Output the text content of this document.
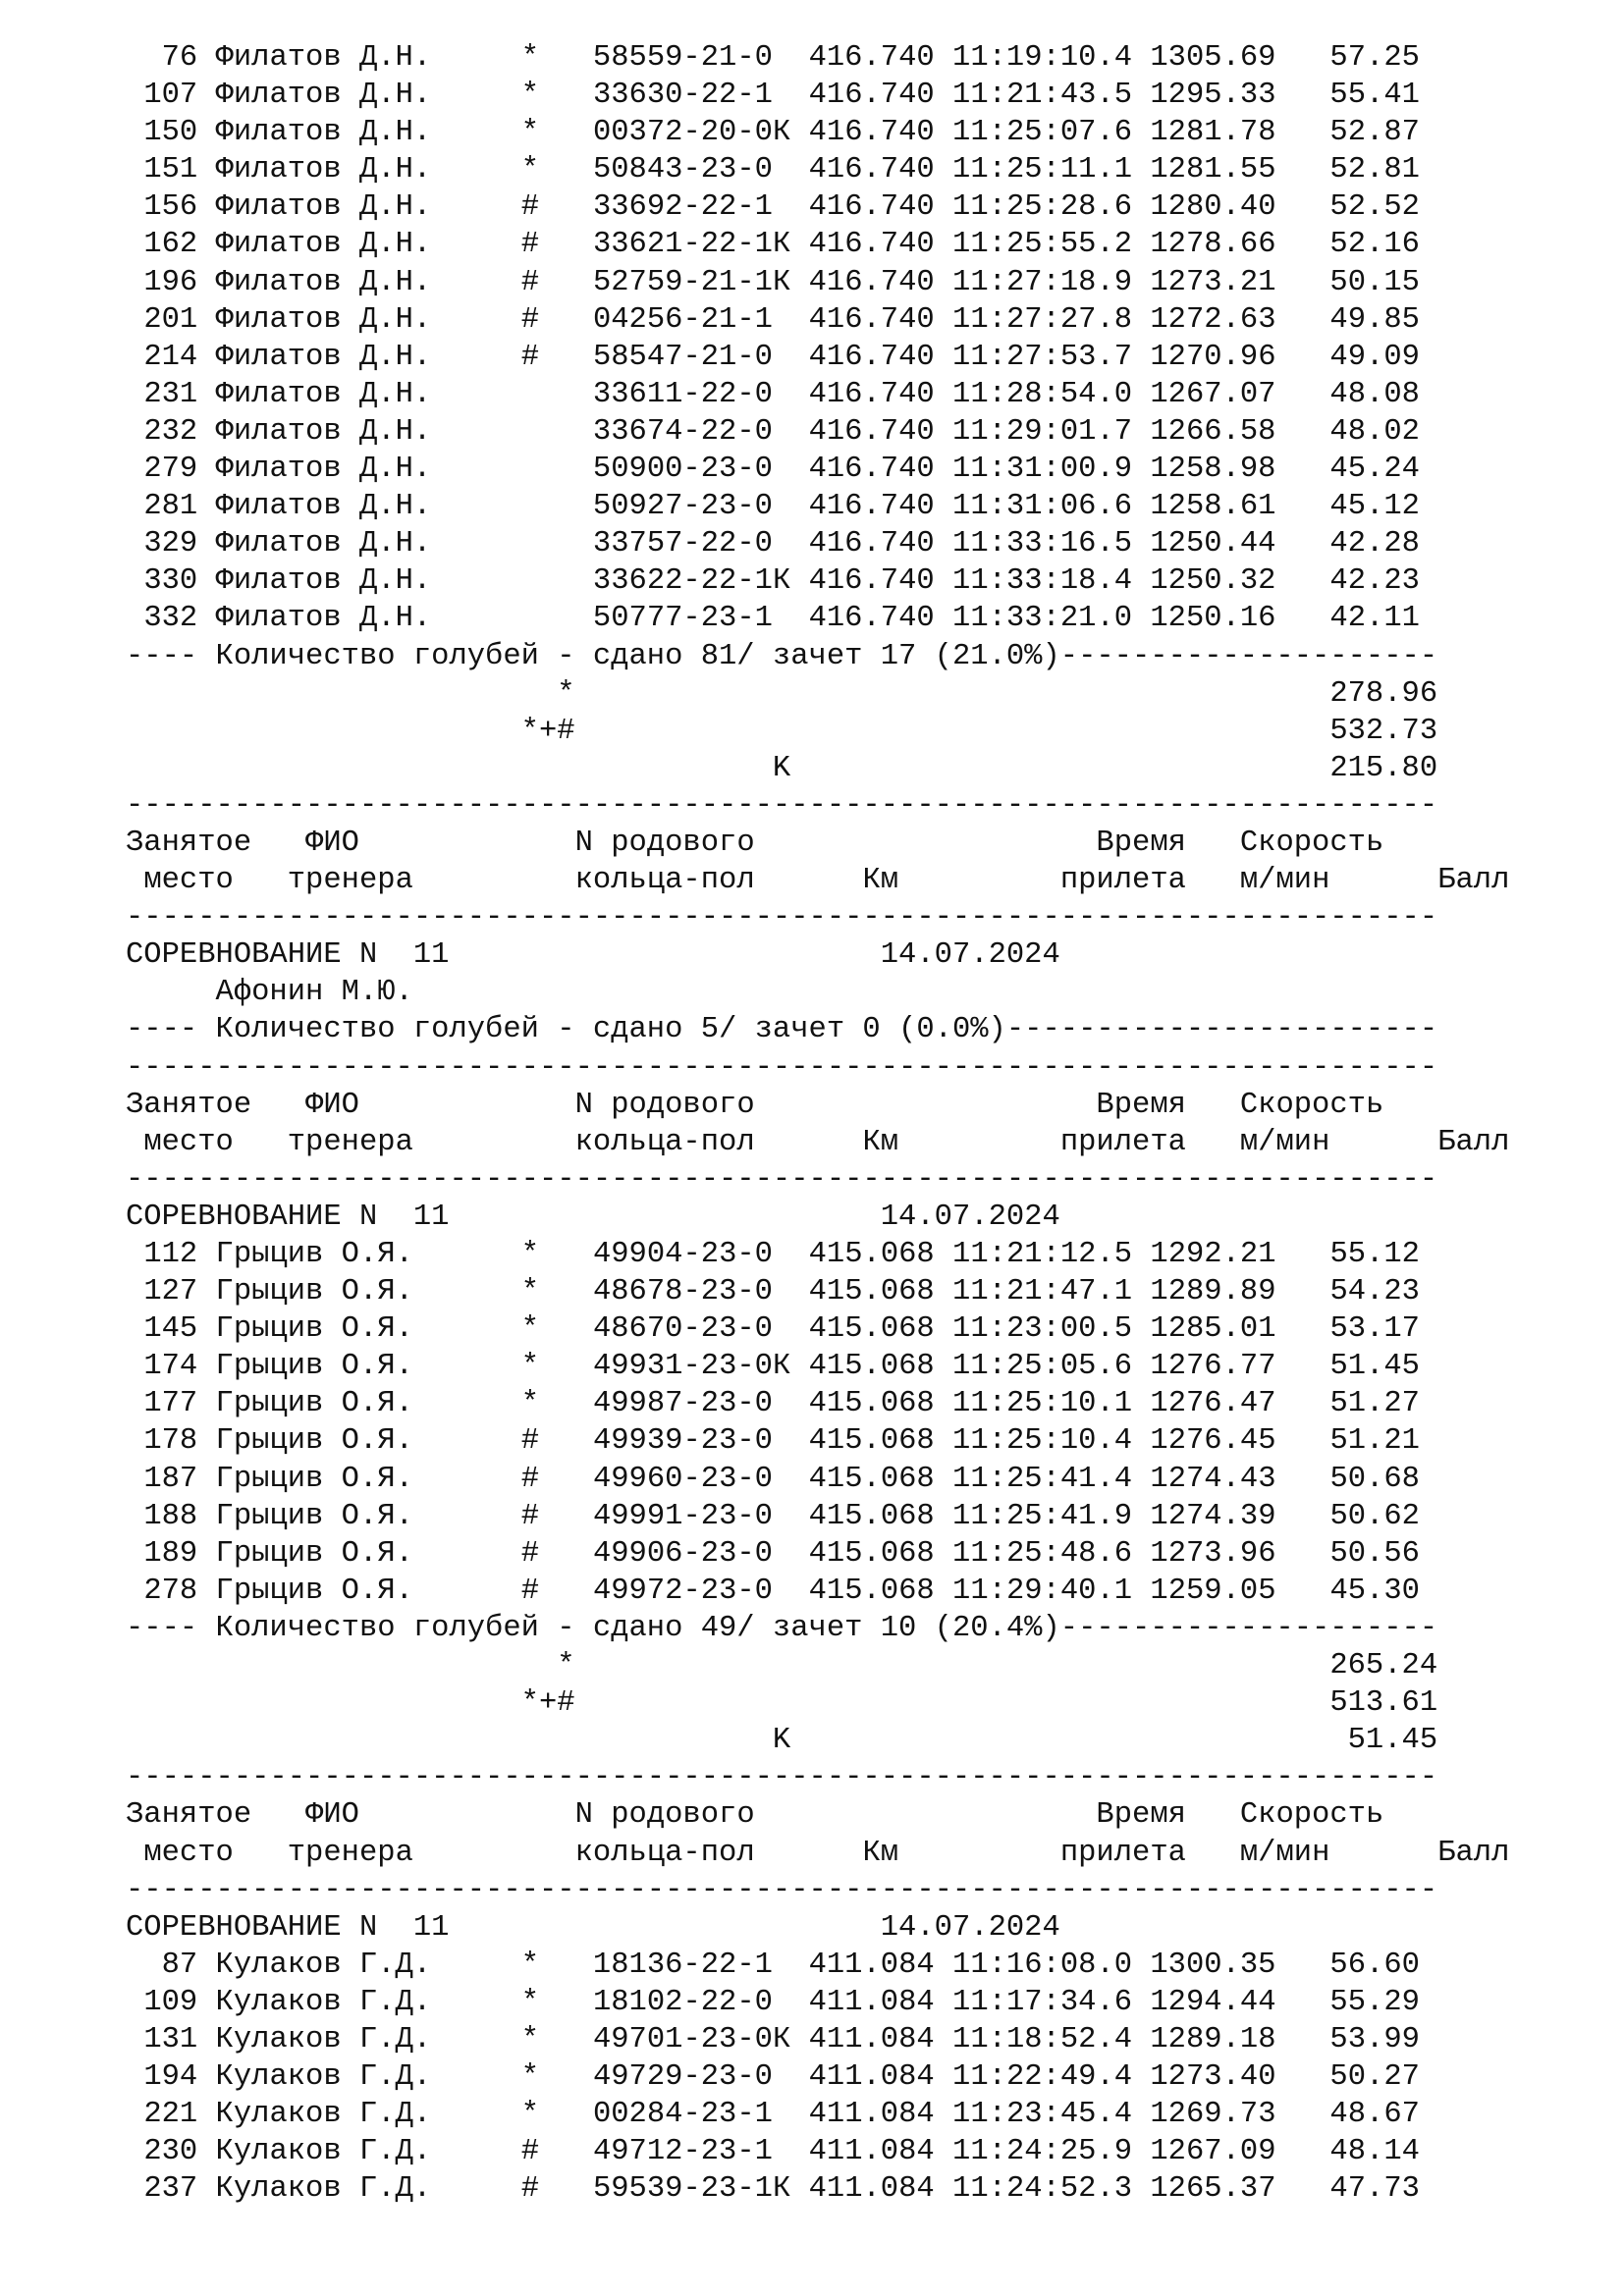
76 Филатов Д.Н.	* 58559-21-0 416.740 11:19:10.4 1305.69 57.25
107 Филатов Д.Н.	* 33630-22-1 416.740 11:21:43.5 1295.33 55.41
150 Филатов Д.Н.	* 00372-20-0К 416.740 11:25:07.6 1281.78 52.87
151 Филатов Д.Н.	* 50843-23-0 416.740 11:25:11.1 1281.55 52.81
156 Филатов Д.Н.	# 33692-22-1 416.740 11:25:28.6 1280.40 52.52
162 Филатов Д.Н.	# 33621-22-1К 416.740 11:25:55.2 1278.66 52.16
196 Филатов Д.Н.	# 52759-21-1К 416.740 11:27:18.9 1273.21 50.15
201 Филатов Д.Н.	# 04256-21-1 416.740 11:27:27.8 1272.63 49.85
214 Филатов Д.Н.	# 58547-21-0 416.740 11:27:53.7 1270.96 49.09
231 Филатов Д.Н.	33611-22-0 416.740 11:28:54.0 1267.07 48.08
232 Филатов Д.Н.	33674-22-0 416.740 11:29:01.7 1266.58 48.02
279 Филатов Д.Н.	50900-23-0 416.740 11:31:00.9 1258.98 45.24
281 Филатов Д.Н.	50927-23-0 416.740 11:31:06.6 1258.61 45.12
329 Филатов Д.Н.	33757-22-0 416.740 11:33:16.5 1250.44 42.28
330 Филатов Д.Н.	33622-22-1К 416.740 11:33:18.4 1250.32 42.23
332 Филатов Д.Н.	50777-23-1 416.740 11:33:21.0 1250.16 42.11
---- Количество голубей - сдано 81/ зачет 17 (21.0%)---------------------
*	278.96
*+#	532.73
K	215.80
-------------------------------------------------------------------------
Занятое ФИО	N родового	Время Скорость
место тренера	кольца-пол	Км	прилета м/мин	Балл
-------------------------------------------------------------------------
СОРЕВНОВАНИЕ N  11	14.07.2024
Афонин М.Ю.
---- Количество голубей - сдано 5/ зачет 0 (0.0%)------------------------
-------------------------------------------------------------------------
Занятое ФИО	N родового	Время Скорость
место тренера	кольца-пол	Км	прилета м/мин	Балл
-------------------------------------------------------------------------
СОРЕВНОВАНИЕ N  11	14.07.2024
112 Грыцив О.Я.	* 49904-23-0 415.068 11:21:12.5 1292.21 55.12
127 Грыцив О.Я.	* 48678-23-0 415.068 11:21:47.1 1289.89 54.23
145 Грыцив О.Я.	* 48670-23-0 415.068 11:23:00.5 1285.01 53.17
174 Грыцив О.Я.	* 49931-23-0К 415.068 11:25:05.6 1276.77 51.45
177 Грыцив О.Я.	* 49987-23-0 415.068 11:25:10.1 1276.47 51.27
178 Грыцив О.Я.	# 49939-23-0 415.068 11:25:10.4 1276.45 51.21
187 Грыцив О.Я.	# 49960-23-0 415.068 11:25:41.4 1274.43 50.68
188 Грыцив О.Я.	# 49991-23-0 415.068 11:25:41.9 1274.39 50.62
189 Грыцив О.Я.	# 49906-23-0 415.068 11:25:48.6 1273.96 50.56
278 Грыцив О.Я.	# 49972-23-0 415.068 11:29:40.1 1259.05 45.30
---- Количество голубей - сдано 49/ зачет 10 (20.4%)---------------------
*	265.24
*+#	513.61
K	51.45
-------------------------------------------------------------------------
Занятое ФИО	N родового	Время Скорость
место тренера	кольца-пол	Км	прилета м/мин	Балл
-------------------------------------------------------------------------
СОРЕВНОВАНИЕ N  11	14.07.2024
87 Кулаков Г.Д.	* 18136-22-1 411.084 11:16:08.0 1300.35 56.60
109 Кулаков Г.Д.	* 18102-22-0 411.084 11:17:34.6 1294.44 55.29
131 Кулаков Г.Д.	* 49701-23-0К 411.084 11:18:52.4 1289.18 53.99
194 Кулаков Г.Д.	* 49729-23-0 411.084 11:22:49.4 1273.40 50.27
221 Кулаков Г.Д.	* 00284-23-1 411.084 11:23:45.4 1269.73 48.67
230 Кулаков Г.Д.	# 49712-23-1 411.084 11:24:25.9 1267.09 48.14
237 Кулаков Г.Д.	# 59539-23-1К 411.084 11:24:52.3 1265.37 47.73
